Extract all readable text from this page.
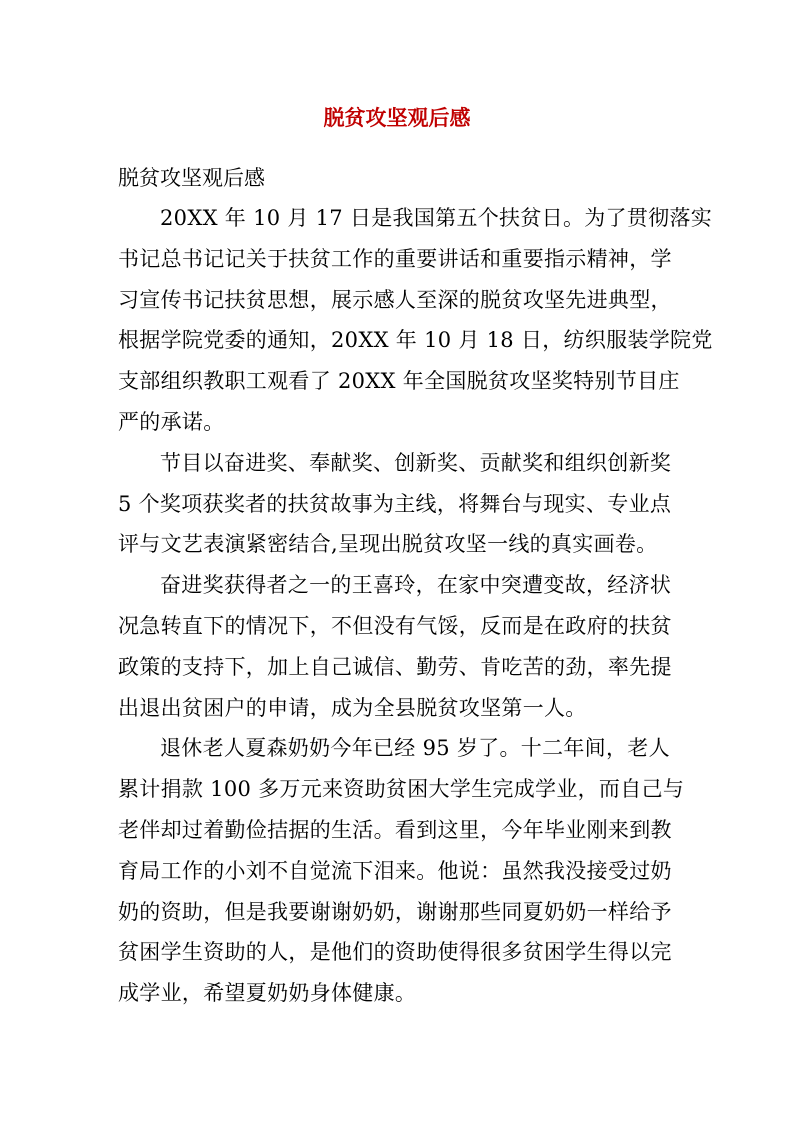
脱贫攻坚观后感

脱贫攻坚观后感

20XX 年 10 月 17 日是我国第五个扶贫日。为了贯彻落实
书记总书记记关于扶贫工作的重要讲话和重要指示精神，学
习宣传书记扶贫思想，展示感人至深的脱贫攻坚先进典型，
根据学院党委的通知，20XX 年 10 月 18 日，纺织服装学院党
支部组织教职工观看了 20XX 年全国脱贫攻坚奖特别节目庄
严的承诺。
节目以奋进奖、奉献奖、创新奖、贡献奖和组织创新奖
5 个奖项获奖者的扶贫故事为主线，将舞台与现实、专业点
评与文艺表演紧密结合,呈现出脱贫攻坚一线的真实画卷。
奋进奖获得者之一的王喜玲，在家中突遭变故，经济状
况急转直下的情况下，不但没有气馁，反而是在政府的扶贫
政策的支持下，加上自己诚信、勤劳、肯吃苦的劲，率先提
出退出贫困户的申请，成为全县脱贫攻坚第一人。
退休老人夏森奶奶今年已经 95 岁了。十二年间，老人
累计捐款 100 多万元来资助贫困大学生完成学业，而自己与
老伴却过着勤俭拮据的生活。看到这里，今年毕业刚来到教
育局工作的小刘不自觉流下泪来。他说：虽然我没接受过奶
奶的资助，但是我要谢谢奶奶，谢谢那些同夏奶奶一样给予
贫困学生资助的人，是他们的资助使得很多贫困学生得以完
成学业，希望夏奶奶身体健康。
